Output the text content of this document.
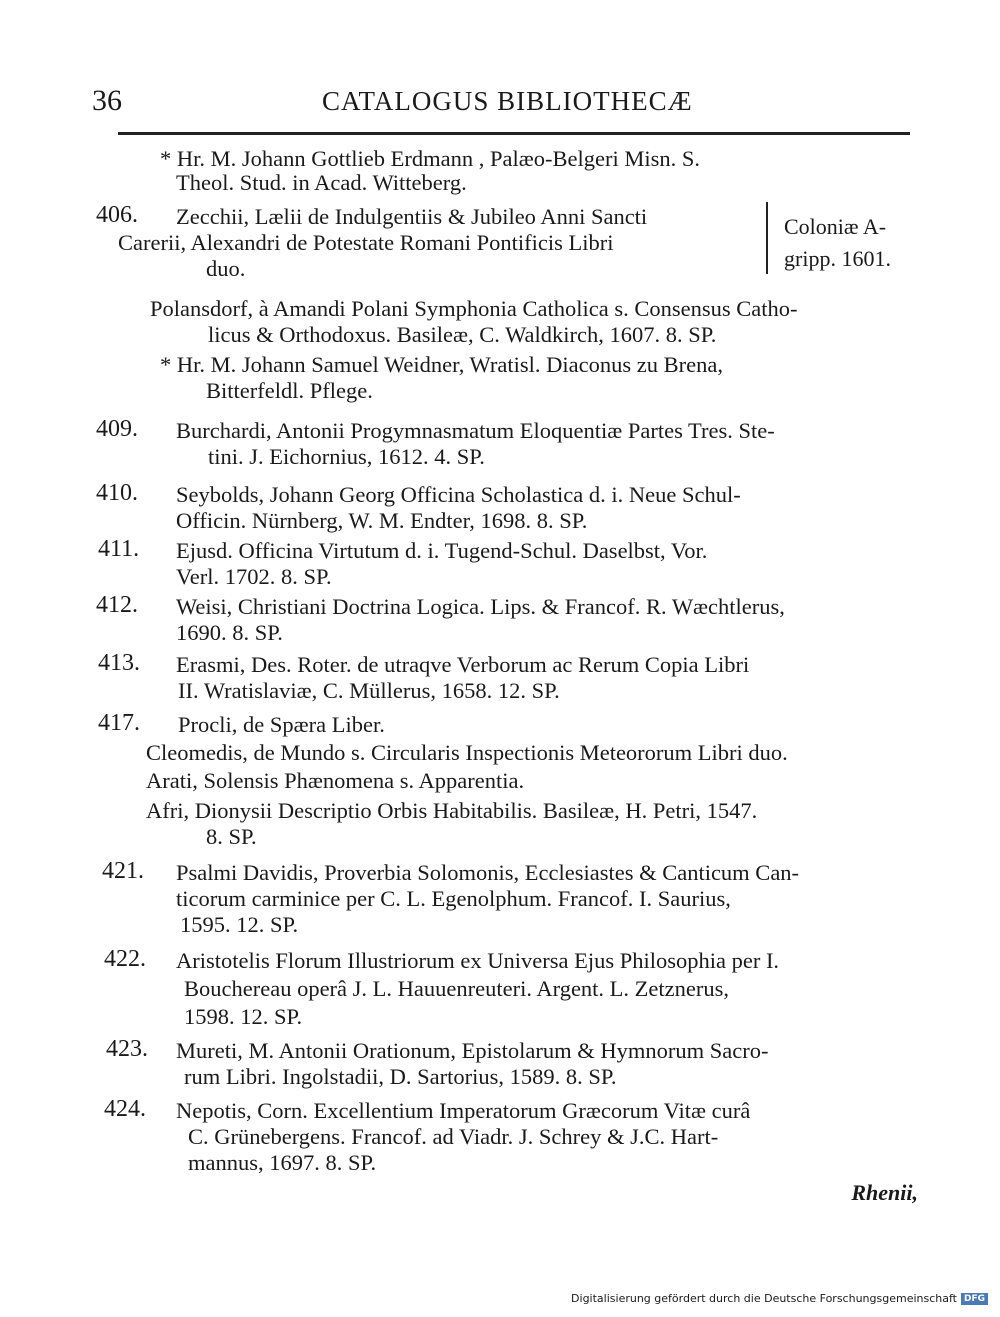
36	CATALOGUS BIBLIOTHECÆ
* Hr. M. Johann Gottlieb Erdmann , Palæo-Belgeri Misn. S.
Theol. Stud. in Acad. Witteberg.
406. Zecchii, Lælii de Indulgentiis & Jubileo Anni Sancti
Carerii, Alexandri de Potestate Romani Pontificis Libri
duo.
Polansdorf, à Amandi Polani Symphonia Catholica s. Consensus Catho-
licus & Orthodoxus. Basileæ, C. Waldkirch, 1607. 8. SP.
* Hr. M. Johann Samuel Weidner, Wratisl. Diaconus zu Brena,
Bitterfeldl. Pflege.
409. Burchardi, Antonii Progymnasmatum Eloquentiæ Partes Tres. Ste-
tini. J. Eichornius, 1612. 4. SP.
410. Seybolds, Johann Georg Officina Scholastica d. i. Neue Schul-
Officin. Nürnberg, W. M. Endter, 1698. 8. SP.
411. Ejusd. Officina Virtutum d. i. Tugend-Schul. Daselbst, Vor.
Verl. 1702. 8. SP.
412. Weisi, Christiani Doctrina Logica. Lips. & Francof. R. Wæchtlerus,
1690. 8. SP.
413. Erasmi, Des. Roter. de utraqve Verborum ac Rerum Copia Libri
II. Wratislaviæ, C. Müllerus, 1658. 12. SP.
417. Procli, de Spæra Liber.
Cleomedis, de Mundo s. Circularis Inspectionis Meteororum Libri duo.
Arati, Solensis Phænomena s. Apparentia.
Afri, Dionysii Descriptio Orbis Habitabilis. Basileæ, H. Petri, 1547.
8. SP.
421. Psalmi Davidis, Proverbia Solomonis, Ecclesiastes & Canticum Can-
ticorum carminice per C. L. Egenolphum. Francof. I. Saurius,
1595. 12. SP.
422. Aristotelis Florum Illustriorum ex Universa Ejus Philosophia per I.
Bouchereau operâ J. L. Hauuenreuteri. Argent. L. Zetznerus,
1598. 12. SP.
423. Mureti, M. Antonii Orationum, Epistolarum & Hymnorum Sacro-
rum Libri. Ingolstadii, D. Sartorius, 1589. 8. SP.
424. Nepotis, Corn. Excellentium Imperatorum Græcorum Vitæ curâ
C. Grünebergens. Francof. ad Viadr. J. Schrey & J.C. Hart-
mannus, 1697. 8. SP.
Coloniæ A-
gripp. 1601.
Rhenii,
Digitalisierung gefördert durch die Deutsche Forschungsgemeinschaft DFG
